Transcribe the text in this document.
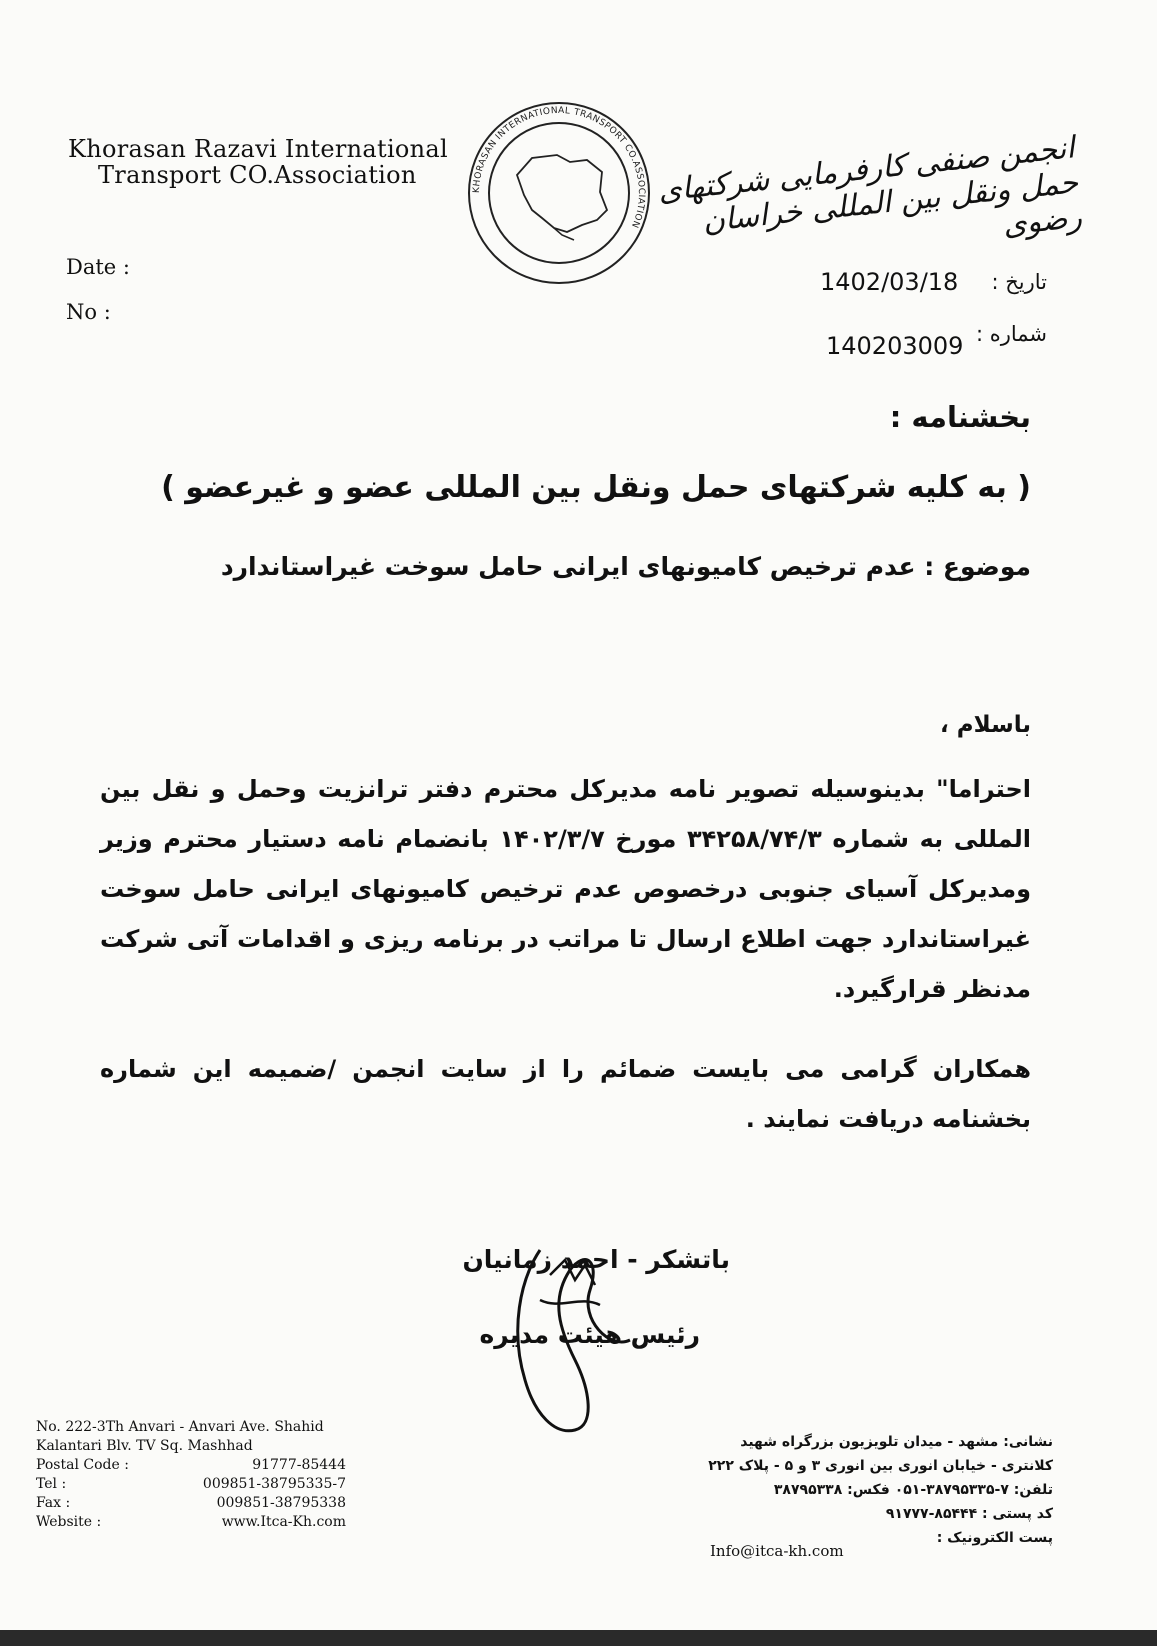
Khorasan Razavi International
Transport CO.Association
Date :
No :
KHORASAN INTERNATIONAL TRANSPORT CO.ASSOCIATION
انجمن صنفی کارفرمایی شرکتهای حمل ونقل بین المللی خراسان رضوی
تاریخ :
1402/03/18
شماره :
140203009
بخشنامه :
( به کلیه شرکتهای حمل ونقل بین المللی عضو و غیرعضو )
موضوع : عدم ترخیص کامیونهای ایرانی حامل سوخت غیراستاندارد
باسلام ،
احتراما" بدینوسیله تصویر نامه مدیرکل محترم دفتر ترانزیت وحمل و نقل بین المللی به شماره ۳۴۲۵۸/۷۴/۳ مورخ ۱۴۰۲/۳/۷ بانضمام نامه دستیار محترم وزیر ومدیرکل آسیای جنوبی درخصوص عدم ترخیص کامیونهای ایرانی حامل سوخت غیراستاندارد جهت اطلاع ارسال تا مراتب در برنامه ریزی و اقدامات آتی شرکت مدنظر قرارگیرد.
همکاران گرامی می بایست ضمائم را از سایت انجمن /ضمیمه این شماره بخشنامه دریافت نمایند .
باتشکر - احمد زمانیان
رئیس هیئت مدیره
No. 222-3Th Anvari - Anvari Ave. Shahid
Kalantari Blv. TV Sq. Mashhad
Postal Code :	91777-85444
Tel :	009851-38795335-7
Fax :	009851-38795338
Website :	www.Itca-Kh.com
نشانی: مشهد - میدان تلویزیون بزرگراه شهید
کلانتری - خیابان انوری بین انوری ۳ و ۵ - پلاک ۲۲۲
تلفن: ۷-۳۸۷۹۵۳۳۵-۰۵۱ فکس: ۳۸۷۹۵۳۳۸
کد پستی : ۸۵۴۴۴-۹۱۷۷۷
پست الکترونیک :
Info@itca-kh.com
